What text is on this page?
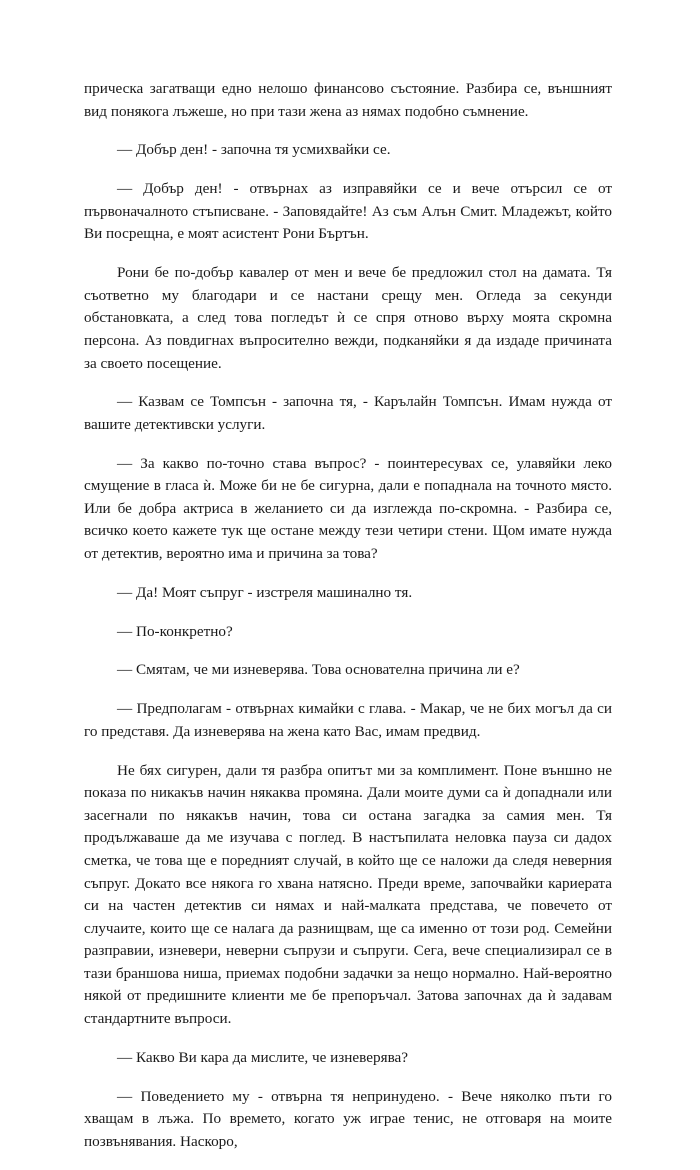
прическа загатващи едно нелошо финансово състояние. Разбира се, външният вид понякога лъжеше, но при тази жена аз нямах подобно съмнение.

— Добър ден! - започна тя усмихвайки се.

— Добър ден! - отвърнах аз изправяйки се и вече отърсил се от първоначалното стъписване. - Заповядайте! Аз съм Алън Смит. Младежът, който Ви посрещна, е моят асистент Рони Бъртън.

Рони бе по-добър кавалер от мен и вече бе предложил стол на дамата. Тя съответно му благодари и се настани срещу мен. Огледа за секунди обстановката, а след това погледът ѝ се спря отново върху моята скромна персона. Аз повдигнах въпросително вежди, подканяйки я да издаде причината за своето посещение.

— Казвам се Томпсън - започна тя, - Карълайн Томпсън. Имам нужда от вашите детективски услуги.

— За какво по-точно става въпрос? - поинтересувах се, улавяйки леко смущение в гласа ѝ. Може би не бе сигурна, дали е попаднала на точното място. Или бе добра актриса в желанието си да изглежда по-скромна. - Разбира се, всичко което кажете тук ще остане между тези четири стени. Щом имате нужда от детектив, вероятно има и причина за това?

— Да! Моят съпруг - изстреля машинално тя.

— По-конкретно?

— Смятам, че ми изневерява. Това основателна причина ли е?

— Предполагам - отвърнах кимайки с глава. - Макар, че не бих могъл да си го представя. Да изневерява на жена като Вас, имам предвид.

Не бях сигурен, дали тя разбра опитът ми за комплимент. Поне външно не показа по никакъв начин някаква промяна. Дали моите думи са ѝ допаднали или засегнали по някакъв начин, това си остана загадка за самия мен. Тя продължаваше да ме изучава с поглед. В настъпилата неловка пауза си дадох сметка, че това ще е поредният случай, в който ще се наложи да следя неверния съпруг. Докато все някога го хвана натясно. Преди време, започвайки кариерата си на частен детектив си нямах и най-малката представа, че повечето от случаите, които ще се налага да разнищвам, ще са именно от този род. Семейни разправии, изневери, неверни съпрузи и съпруги. Сега, вече специализирал се в тази браншова ниша, приемах подобни задачки за нещо нормално. Най-вероятно някой от предишните клиенти ме бе препоръчал. Затова започнах да ѝ задавам стандартните въпроси.

— Какво Ви кара да мислите, че изневерява?

— Поведението му - отвърна тя непринудено. - Вече няколко пъти го хващам в лъжа. По времето, когато уж играе тенис, не отговаря на моите позвънявания. Наскоро,
